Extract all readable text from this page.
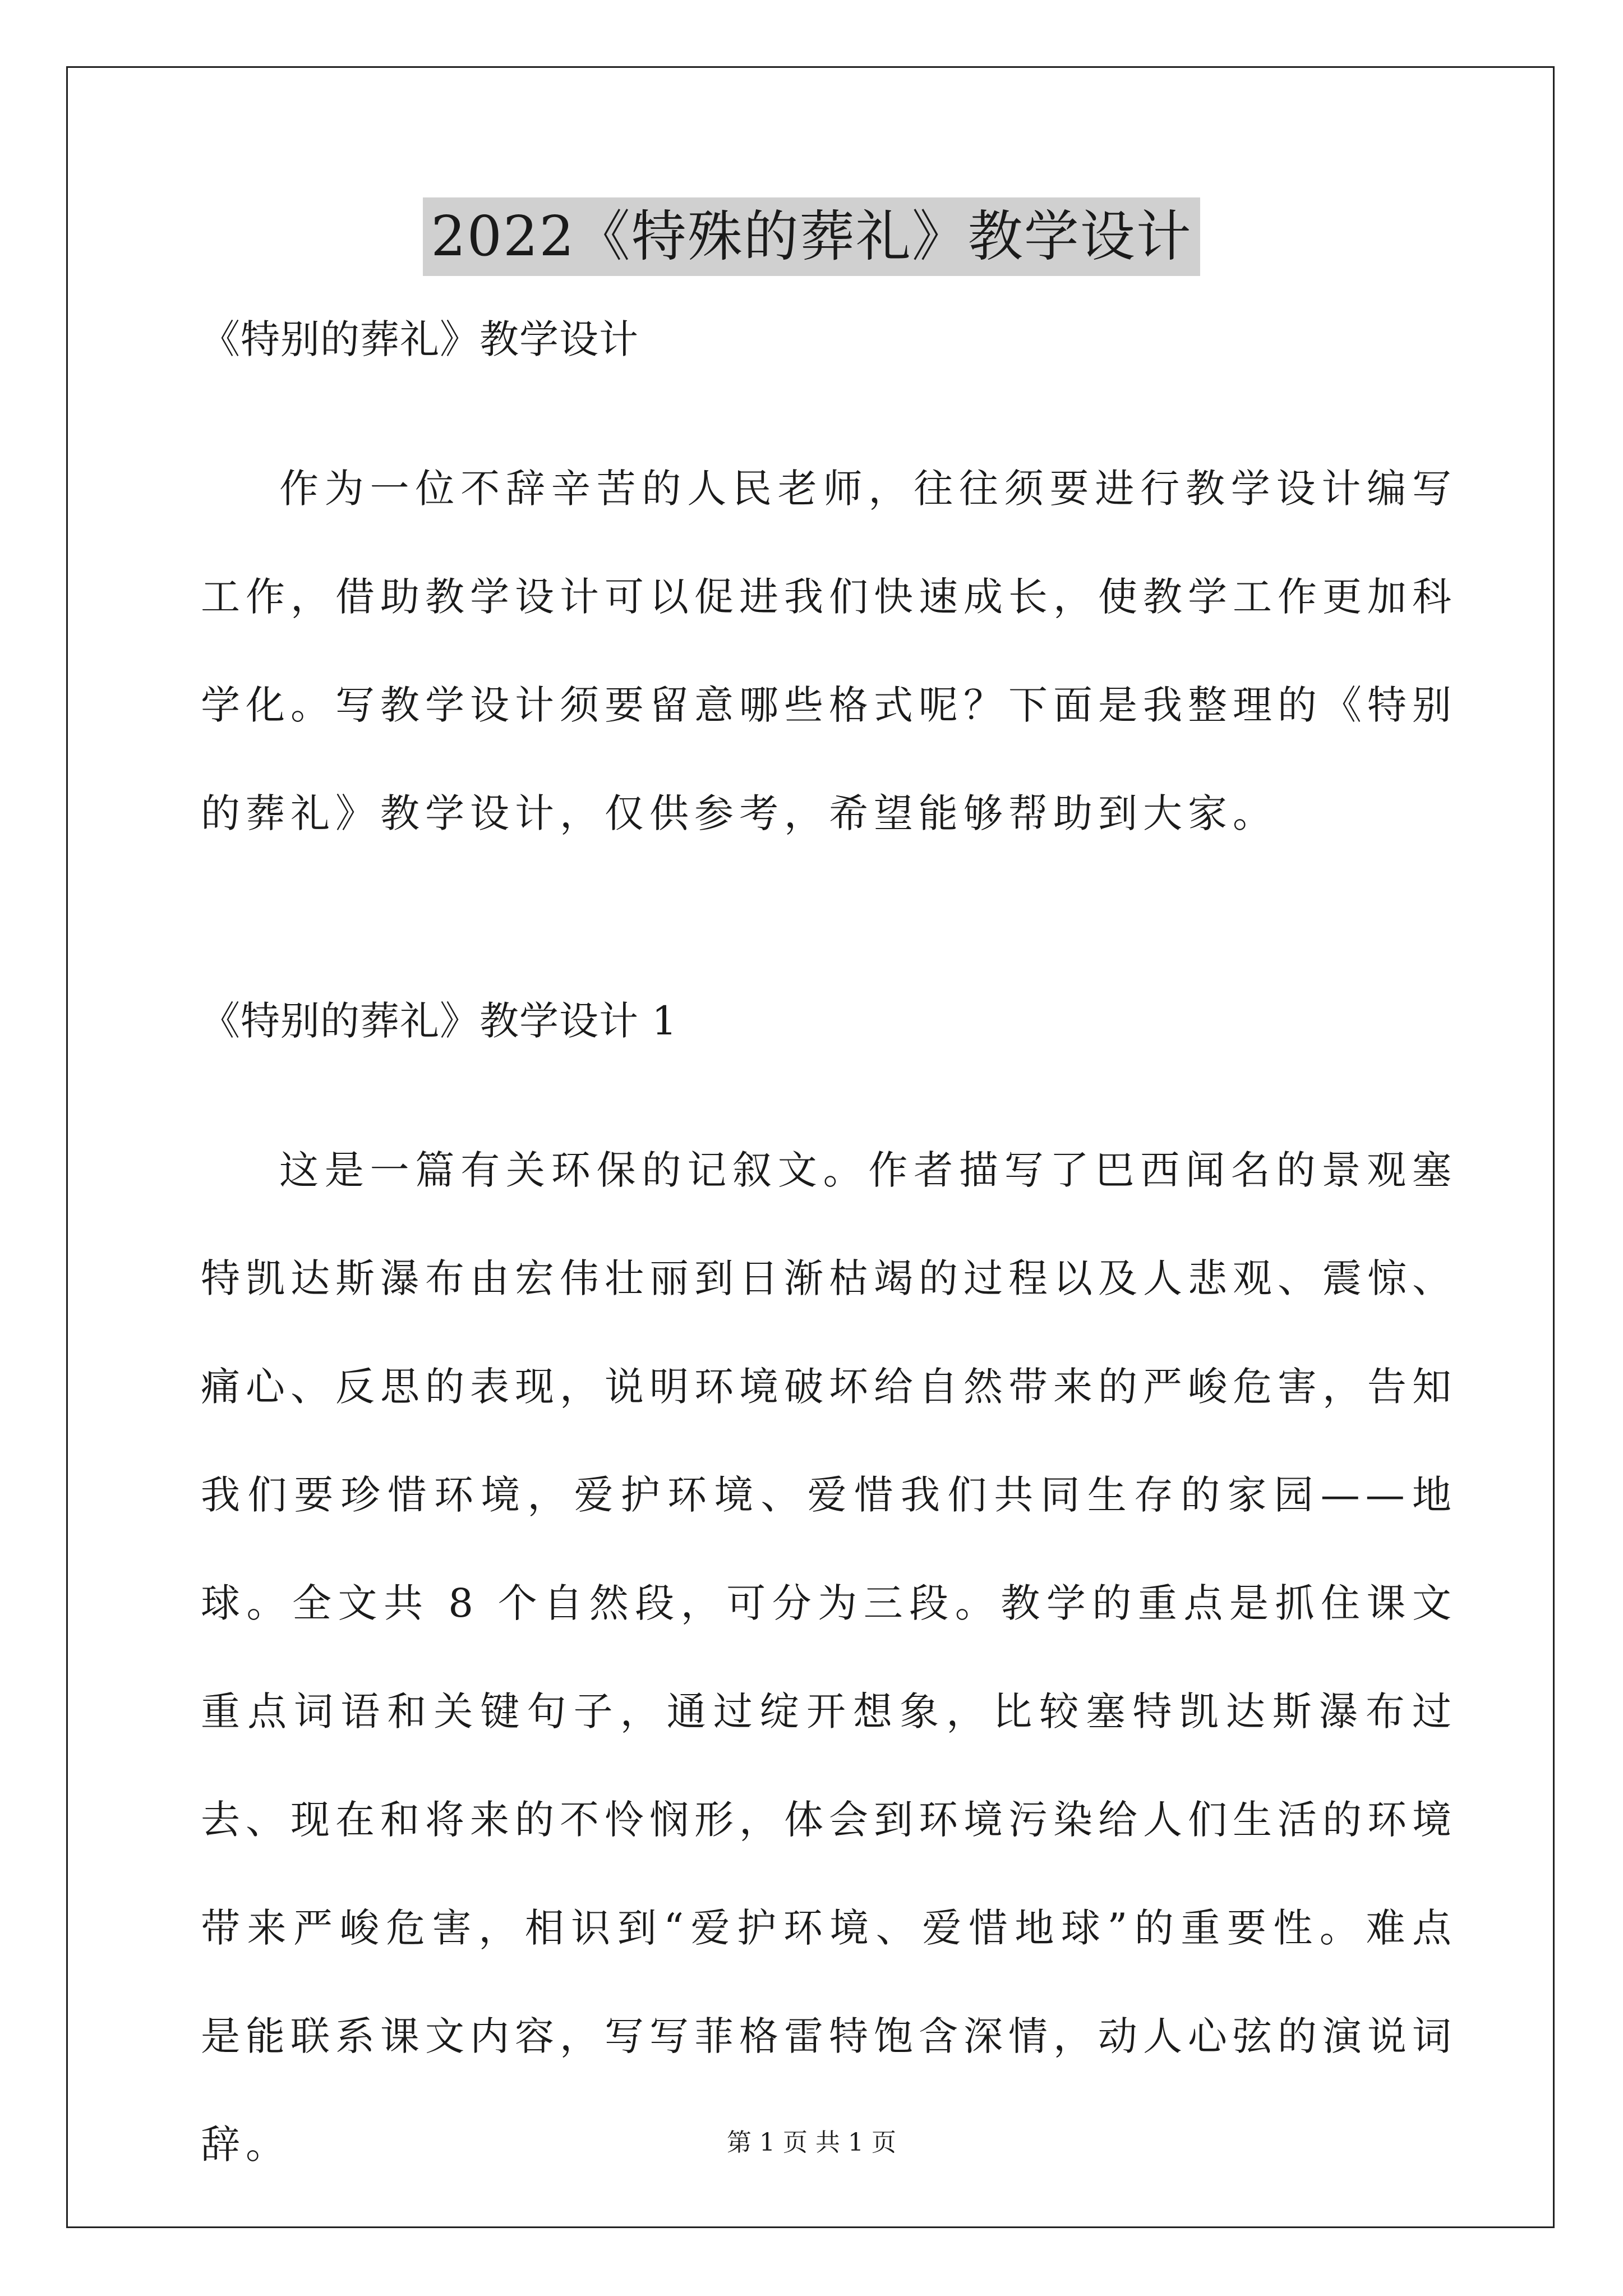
2022《特殊的葬礼》教学设计
《特别的葬礼》教学设计

作为一位不辞辛苦的人民老师，往往须要进行教学设计编写工作，借助教学设计可以促进我们快速成长，使教学工作更加科学化。写教学设计须要留意哪些格式呢？下面是我整理的《特别的葬礼》教学设计，仅供参考，希望能够帮助到大家。

《特别的葬礼》教学设计 1

这是一篇有关环保的记叙文。作者描写了巴西闻名的景观塞特凯达斯瀑布由宏伟壮丽到日渐枯竭的过程以及人悲观、震惊、痛心、反思的表现，说明环境破坏给自然带来的严峻危害，告知我们要珍惜环境，爱护环境、爱惜我们共同生存的家园——地球。全文共 8 个自然段，可分为三段。教学的重点是抓住课文重点词语和关键句子，通过绽开想象，比较塞特凯达斯瀑布过去、现在和将来的不怜悯形，体会到环境污染给人们生活的环境带来严峻危害，相识到“爱护环境、爱惜地球”的重要性。难点是能联系课文内容，写写菲格雷特饱含深情，动人心弦的演说词辞。	第 1 页 共 1 页
